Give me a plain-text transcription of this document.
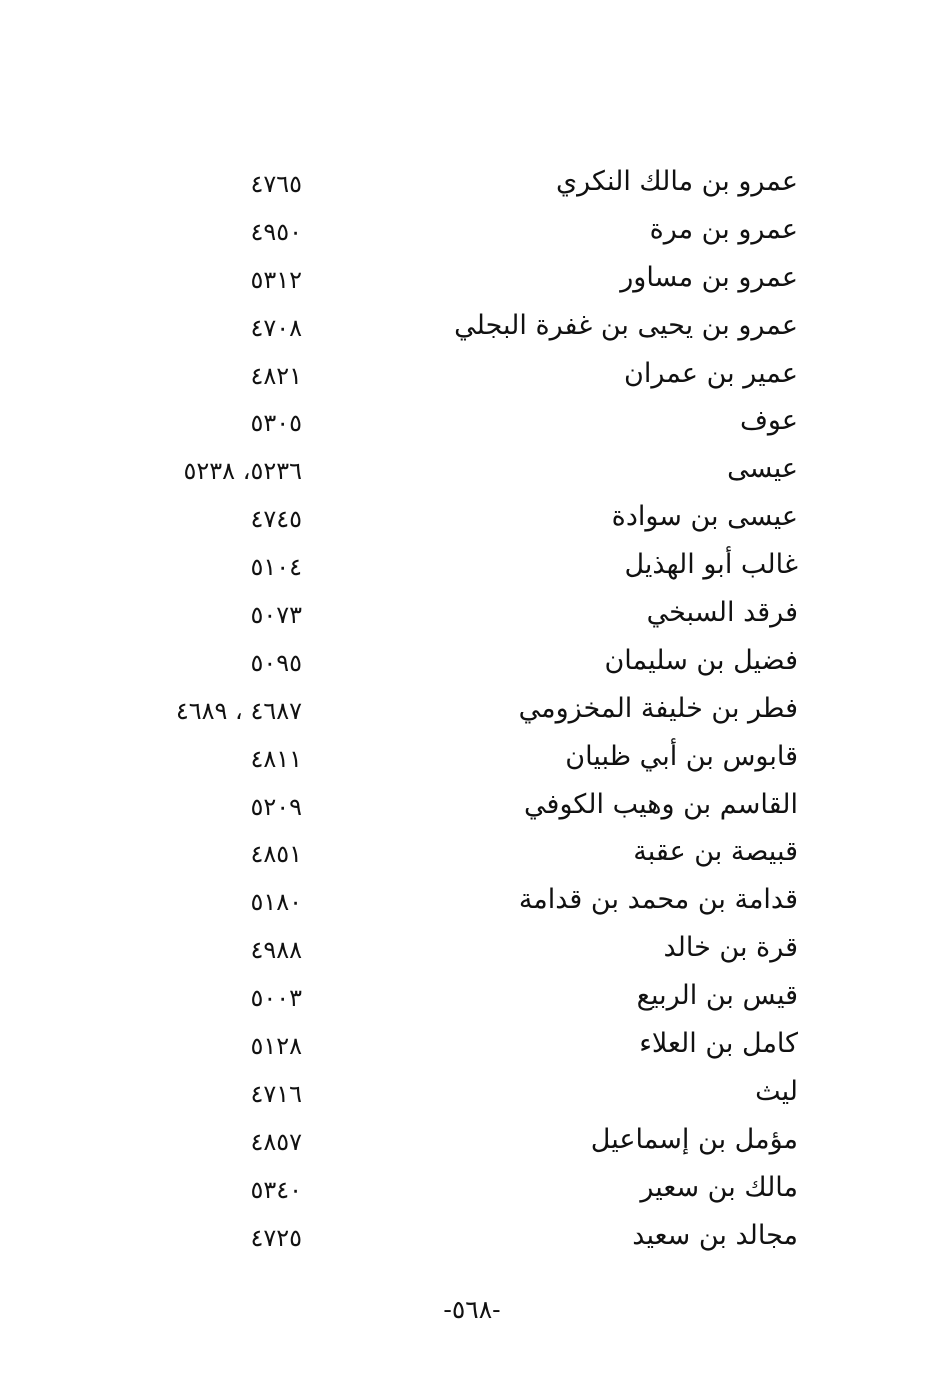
عمرو بن مالك النكري
٤٧٦٥
عمرو بن مرة
٤٩٥٠
عمرو بن مساور
٥٣١٢
عمرو بن يحيى بن غفرة البجلي
٤٧٠٨
عمير بن عمران
٤٨٢١
عوف
٥٣٠٥
عيسى
٥٢٣٦، ٥٢٣٨
عيسى بن سوادة
٤٧٤٥
غالب أبو الهذيل
٥١٠٤
فرقد السبخي
٥٠٧٣
فضيل بن سليمان
٥٠٩٥
فطر بن خليفة المخزومي
٤٦٨٧ ، ٤٦٨٩
قابوس بن أبي ظبيان
٤٨١١
القاسم بن وهيب الكوفي
٥٢٠٩
قبيصة بن عقبة
٤٨٥١
قدامة بن محمد بن قدامة
٥١٨٠
قرة بن خالد
٤٩٨٨
قيس بن الربيع
٥٠٠٣
كامل بن العلاء
٥١٢٨
ليث
٤٧١٦
مؤمل بن إسماعيل
٤٨٥٧
مالك بن سعير
٥٣٤٠
مجالد بن سعيد
٤٧٢٥
-٥٦٨-
